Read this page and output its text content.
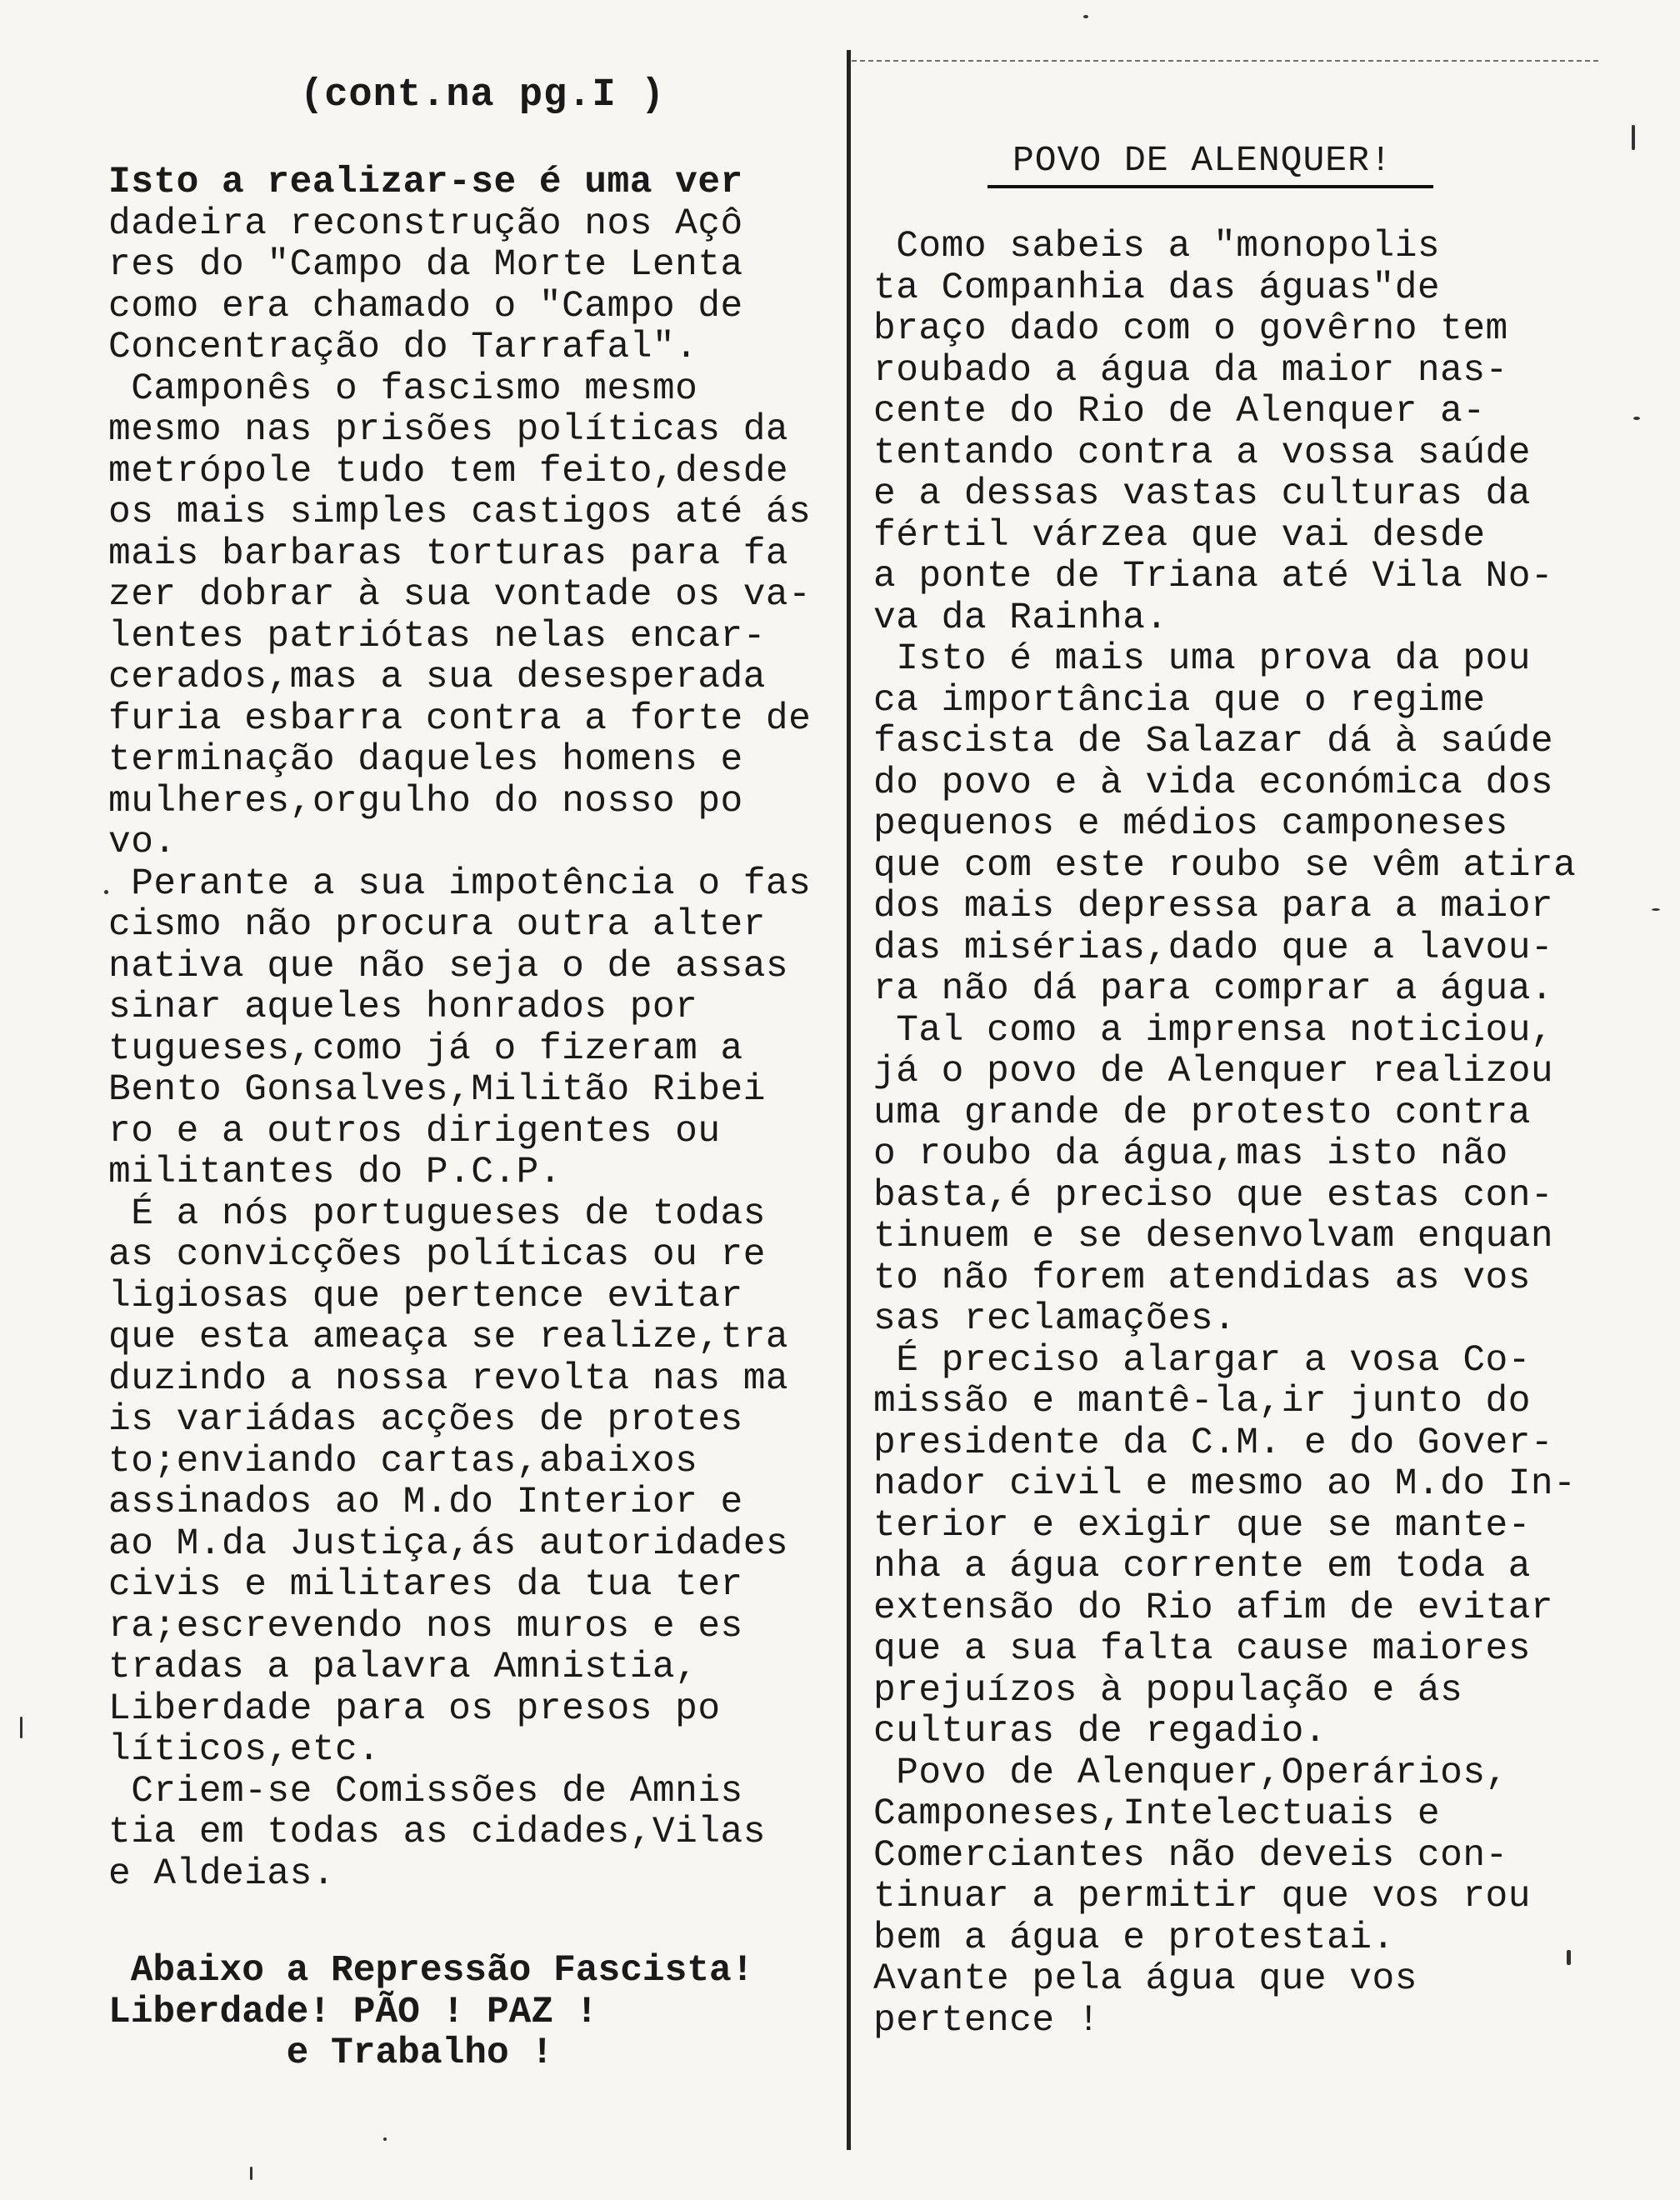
(cont.na pg.I )
Isto a realizar-se é uma ver
dadeira reconstrução nos Açô
res do "Campo da Morte Lenta
como era chamado o "Campo de
Concentração do Tarrafal".
Camponês o fascismo mesmo
mesmo nas prisões políticas da
metrópole tudo tem feito,desde
os mais simples castigos até ás
mais barbaras torturas para fa
zer dobrar à sua vontade os va-
lentes patriótas nelas encar-
cerados,mas a sua desesperada
furia esbarra contra a forte de
terminação daqueles homens e
mulheres,orgulho do nosso po
vo.
Perante a sua impotência o fas
cismo não procura outra alter
nativa que não seja o de assas
sinar aqueles honrados por
tugueses,como já o fizeram a
Bento Gonsalves,Militão Ribei
ro e a outros dirigentes ou
militantes do P.C.P.
É a nós portugueses de todas
as convicções políticas ou re
ligiosas que pertence evitar
que esta ameaça se realize,tra
duzindo a nossa revolta nas ma
is variádas acções de protes
to;enviando cartas,abaixos
assinados ao M.do Interior e
ao M.da Justiça,ás autoridades
civis e militares da tua ter
ra;escrevendo nos muros e es
tradas a palavra Amnistia,
Liberdade para os presos po
líticos,etc.
Criem-se Comissões de Amnis
tia em todas as cidades,Vilas
e Aldeias.
Abaixo a Repressão Fascista!
Liberdade! PÃO ! PAZ !
e Trabalho !
POVO DE ALENQUER!
Como sabeis a "monopolis
ta Companhia das águas"de
braço dado com o govêrno tem
roubado a água da maior nas-
cente do Rio de Alenquer a-
tentando contra a vossa saúde
e a dessas vastas culturas da
fértil várzea que vai desde
a ponte de Triana até Vila No-
va da Rainha.
Isto é mais uma prova da pou
ca importância que o regime
fascista de Salazar dá à saúde
do povo e à vida económica dos
pequenos e médios camponeses
que com este roubo se vêm atira
dos mais depressa para a maior
das misérias,dado que a lavou-
ra não dá para comprar a água.
Tal como a imprensa noticiou,
já o povo de Alenquer realizou
uma grande de protesto contra
o roubo da água,mas isto não
basta,é preciso que estas con-
tinuem e se desenvolvam enquan
to não forem atendidas as vos
sas reclamações.
É preciso alargar a vosa Co-
missão e mantê-la,ir junto do
presidente da C.M. e do Gover-
nador civil e mesmo ao M.do In-
terior e exigir que se mante-
nha a água corrente em toda a
extensão do Rio afim de evitar
que a sua falta cause maiores
prejuízos à população e ás
culturas de regadio.
Povo de Alenquer,Operários,
Camponeses,Intelectuais e
Comerciantes não deveis con-
tinuar a permitir que vos rou
bem a água e protestai.
Avante pela água que vos
pertence !
